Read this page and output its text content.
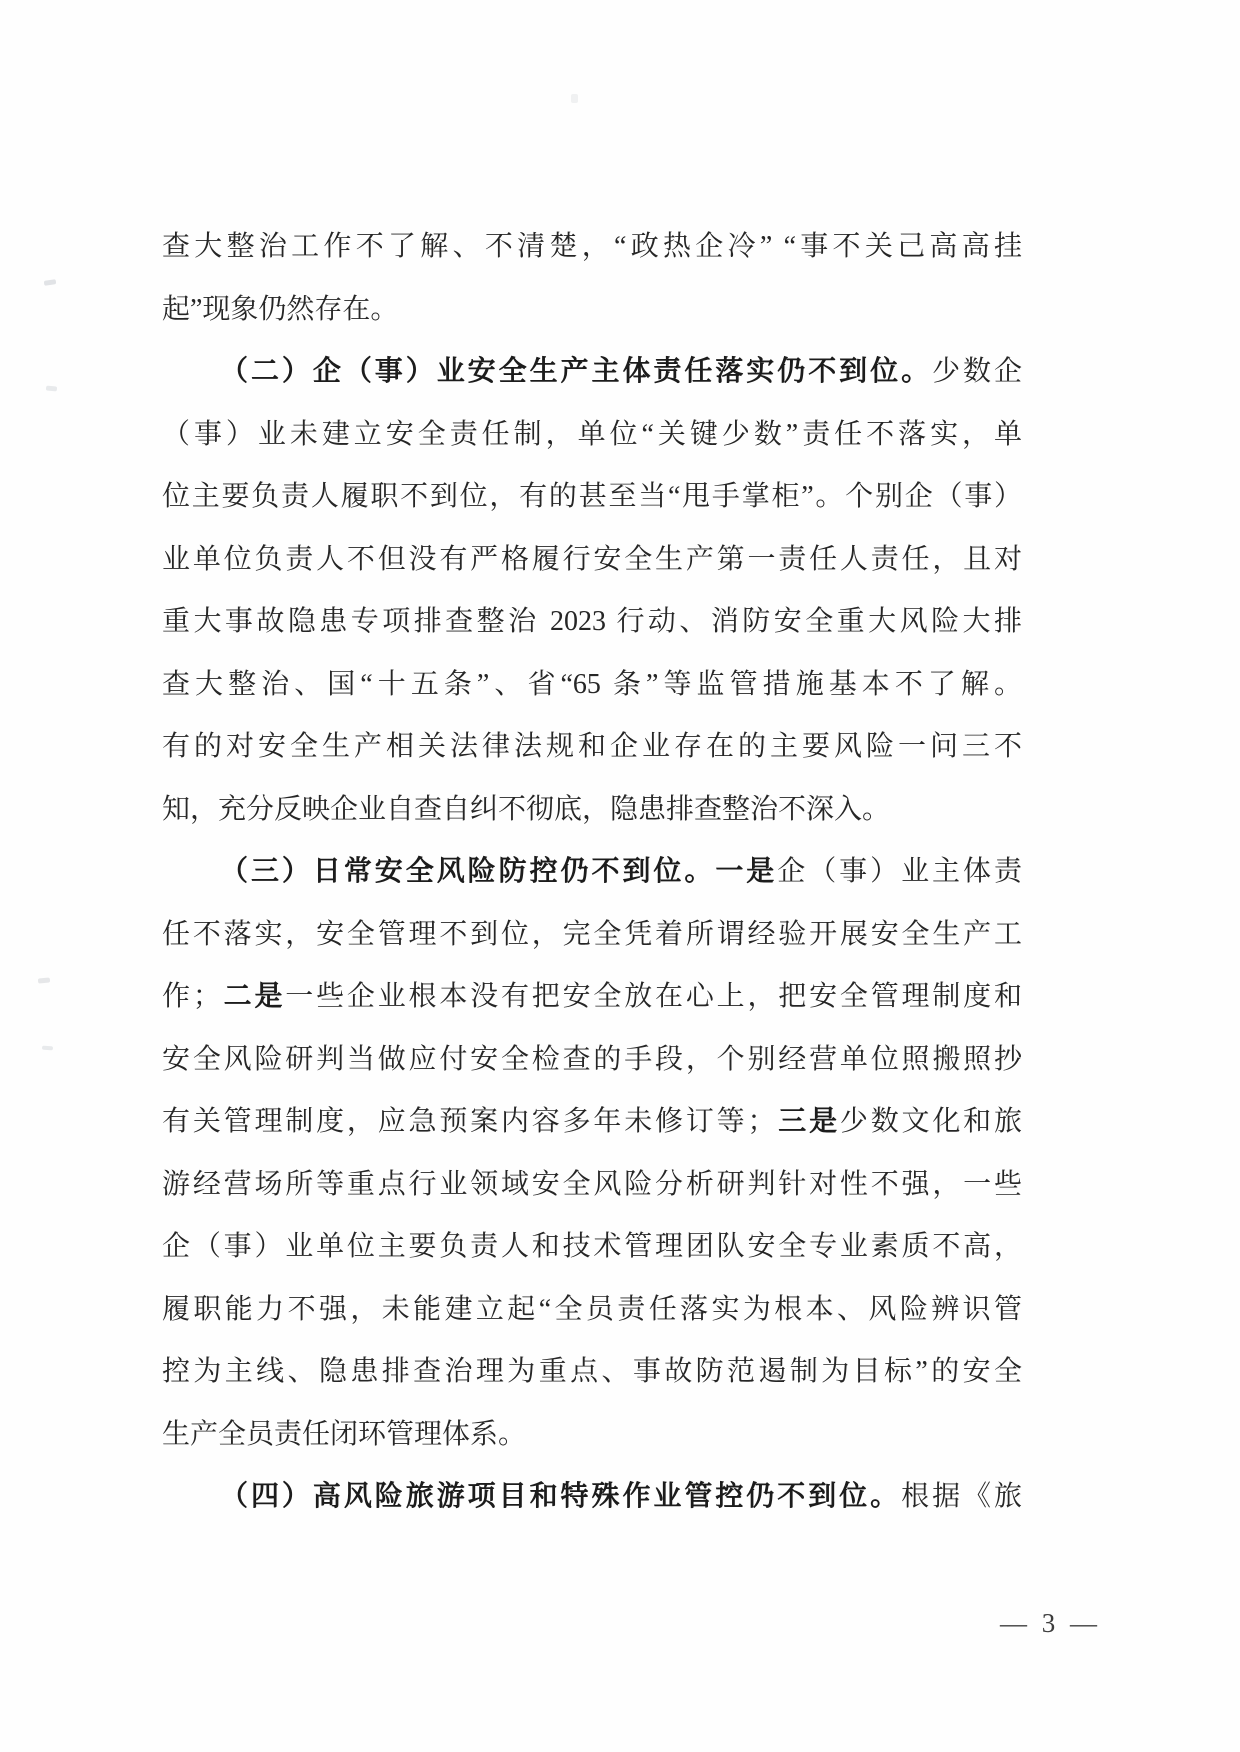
查大整治工作不了解、不清楚，“政热企冷” “事不关己高高挂
起”现象仍然存在。
（二）企（事）业安全生产主体责任落实仍不到位。少数企
（事）业未建立安全责任制，单位“关键少数”责任不落实，单
位主要负责人履职不到位，有的甚至当“甩手掌柜”。个别企（事）
业单位负责人不但没有严格履行安全生产第一责任人责任，且对
重大事故隐患专项排查整治 2023 行动、消防安全重大风险大排
查大整治、国“十五条”、省“65 条”等监管措施基本不了解。
有的对安全生产相关法律法规和企业存在的主要风险一问三不
知，充分反映企业自查自纠不彻底，隐患排查整治不深入。
（三）日常安全风险防控仍不到位。一是企（事）业主体责
任不落实，安全管理不到位，完全凭着所谓经验开展安全生产工
作；二是一些企业根本没有把安全放在心上，把安全管理制度和
安全风险研判当做应付安全检查的手段，个别经营单位照搬照抄
有关管理制度，应急预案内容多年未修订等；三是少数文化和旅
游经营场所等重点行业领域安全风险分析研判针对性不强，一些
企（事）业单位主要负责人和技术管理团队安全专业素质不高，
履职能力不强，未能建立起“全员责任落实为根本、风险辨识管
控为主线、隐患排查治理为重点、事故防范遏制为目标”的安全
生产全员责任闭环管理体系。
（四）高风险旅游项目和特殊作业管控仍不到位。根据《旅
— 3 —
